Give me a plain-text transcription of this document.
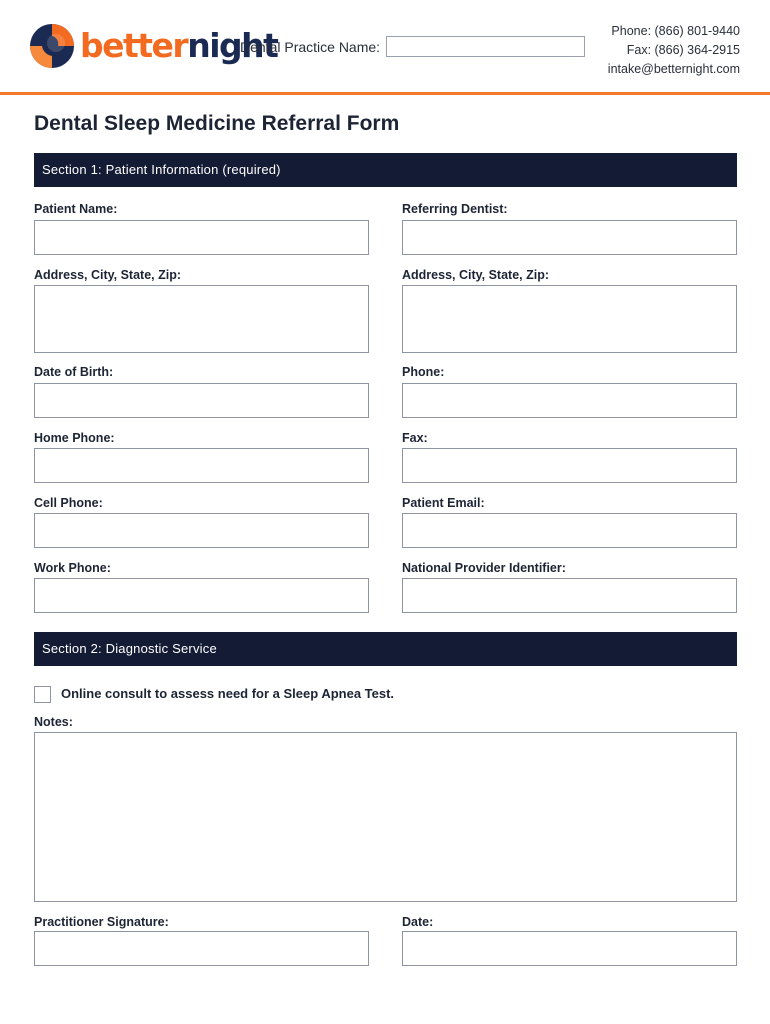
betternight
Dental Practice Name:
Phone: (866) 801-9440
Fax: (866) 364-2915
intake@betternight.com
Dental Sleep Medicine Referral Form
Section 1: Patient Information (required)
Patient Name:	Referring Dentist:
Address, City, State, Zip:	Address, City, State, Zip:
Date of Birth:	Phone:
Home Phone:	Fax:
Cell Phone:	Patient Email:
Work Phone:	National Provider Identifier:
Section 2: Diagnostic Service
Online consult to assess need for a Sleep Apnea Test.
Notes:
Practitioner Signature:	Date:
